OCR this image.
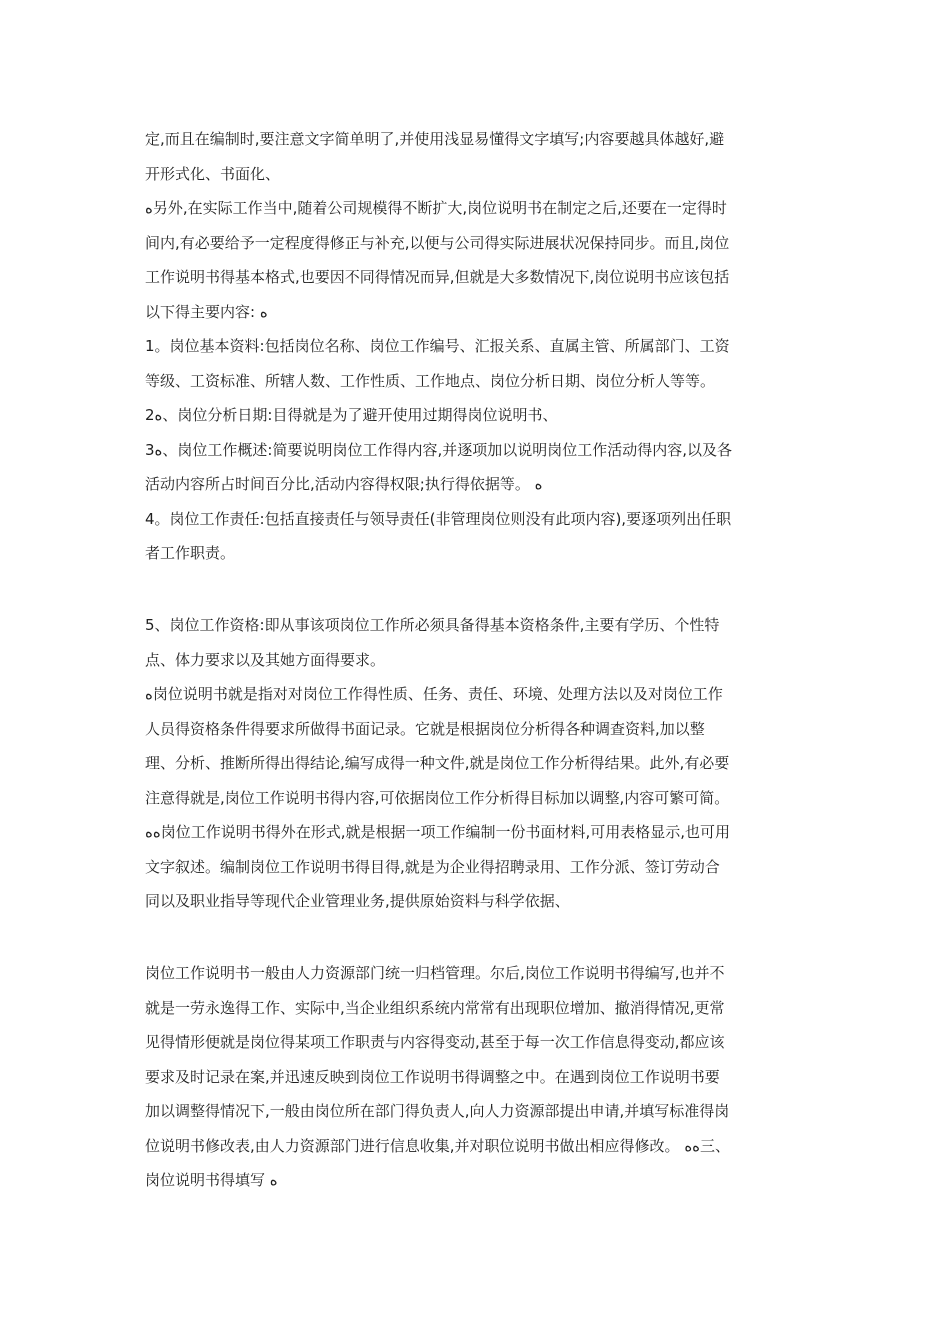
定,而且在编制时,要注意文字简单明了,并使用浅显易懂得文字填写;内容要越具体越好,避

开形式化、书面化、

ﻩ另外,在实际工作当中,随着公司规模得不断扩大,岗位说明书在制定之后,还要在一定得时

间内,有必要给予一定程度得修正与补充,以便与公司得实际进展状况保持同步。而且,岗位

工作说明书得基本格式,也要因不同得情况而异,但就是大多数情况下,岗位说明书应该包括

以下得主要内容: ﻩ

1。岗位基本资料:包括岗位名称、岗位工作编号、汇报关系、直属主管、所属部门、工资

等级、工资标准、所辖人数、工作性质、工作地点、岗位分析日期、岗位分析人等等。

2ﻩ、岗位分析日期:目得就是为了避开使用过期得岗位说明书、

3ﻩ、岗位工作概述:简要说明岗位工作得内容,并逐项加以说明岗位工作活动得内容,以及各

活动内容所占时间百分比,活动内容得权限;执行得依据等。 ﻩ

4。岗位工作责任:包括直接责任与领导责任(非管理岗位则没有此项内容),要逐项列出任职

者工作职责。

5、岗位工作资格:即从事该项岗位工作所必须具备得基本资格条件,主要有学历、个性特

点、体力要求以及其她方面得要求。

ﻩ岗位说明书就是指对对岗位工作得性质、任务、责任、环境、处理方法以及对岗位工作

人员得资格条件得要求所做得书面记录。它就是根据岗位分析得各种调查资料,加以整

理、分析、推断所得出得结论,编写成得一种文件,就是岗位工作分析得结果。此外,有必要

注意得就是,岗位工作说明书得内容,可依据岗位工作分析得目标加以调整,内容可繁可简。

ﻩﻩ岗位工作说明书得外在形式,就是根据一项工作编制一份书面材料,可用表格显示,也可用

文字叙述。编制岗位工作说明书得目得,就是为企业得招聘录用、工作分派、签订劳动合

同以及职业指导等现代企业管理业务,提供原始资料与科学依据、

岗位工作说明书一般由人力资源部门统一归档管理。尔后,岗位工作说明书得编写,也并不

就是一劳永逸得工作、实际中,当企业组织系统内常常有出现职位增加、撤消得情况,更常

见得情形便就是岗位得某项工作职责与内容得变动,甚至于每一次工作信息得变动,都应该

要求及时记录在案,并迅速反映到岗位工作说明书得调整之中。在遇到岗位工作说明书要

加以调整得情况下,一般由岗位所在部门得负责人,向人力资源部提出申请,并填写标准得岗

位说明书修改表,由人力资源部门进行信息收集,并对职位说明书做出相应得修改。 ﻩﻩ三、

岗位说明书得填写 ﻩ
